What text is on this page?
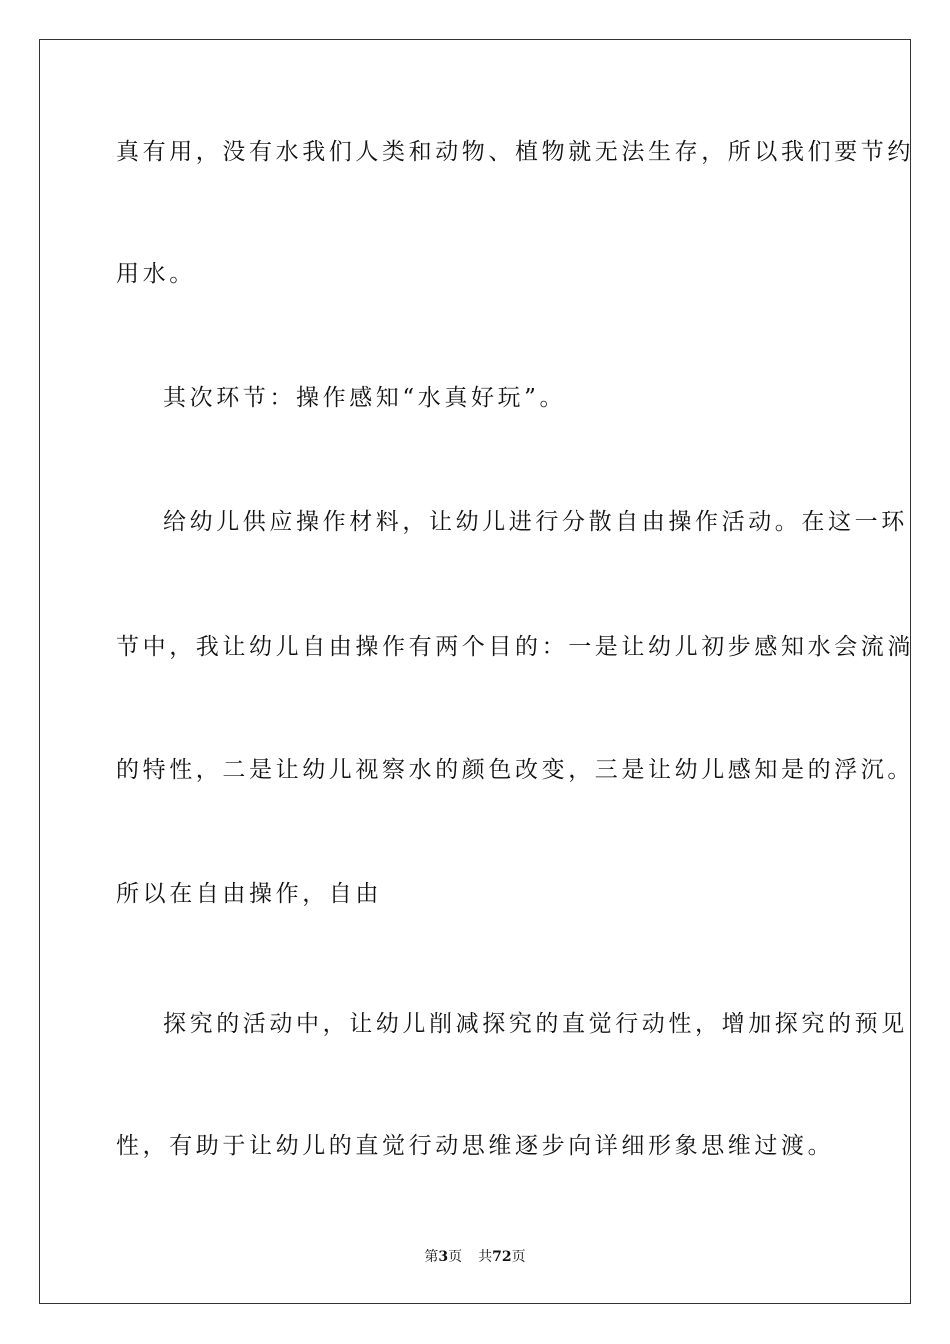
真有用，没有水我们人类和动物、植物就无法生存，所以我们要节约
用水。
其次环节：操作感知“水真好玩”。
给幼儿供应操作材料，让幼儿进行分散自由操作活动。在这一环
节中，我让幼儿自由操作有两个目的：一是让幼儿初步感知水会流淌
的特性，二是让幼儿视察水的颜色改变，三是让幼儿感知是的浮沉。
所以在自由操作，自由
探究的活动中，让幼儿削减探究的直觉行动性，增加探究的预见
性，有助于让幼儿的直觉行动思维逐步向详细形象思维过渡。
第3页 共72页
